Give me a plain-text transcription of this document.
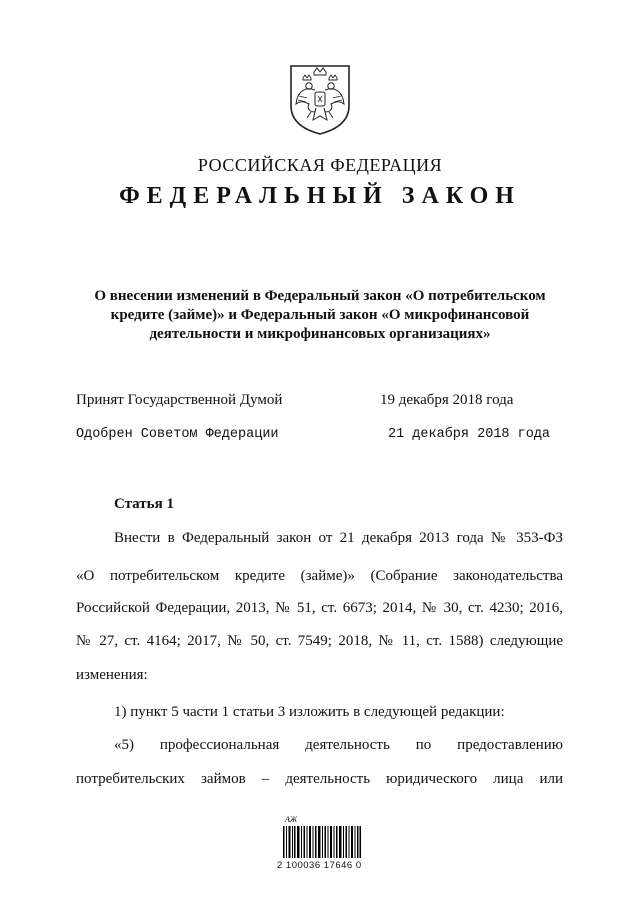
РОССИЙСКАЯ ФЕДЕРАЦИЯ
ФЕДЕРАЛЬНЫЙ ЗАКОН
О внесении изменений в Федеральный закон «О потребительском
кредите (займе)» и Федеральный закон «О микрофинансовой
деятельности и микрофинансовых организациях»
Принят Государственной Думой	19 декабря 2018 года
Одобрен Советом Федерации	21 декабря 2018 года
Статья 1
Внести в Федеральный закон от 21 декабря 2013 года № 353-ФЗ
«О потребительском кредите (займе)» (Собрание законодательства
Российской Федерации, 2013, № 51, ст. 6673; 2014, № 30, ст. 4230; 2016,
№ 27, ст. 4164; 2017, № 50, ст. 7549; 2018, № 11, ст. 1588) следующие
изменения:
1) пункт 5 части 1 статьи 3 изложить в следующей редакции:
«5) профессиональная деятельность по предоставлению
потребительских займов – деятельность юридического лица или
АЖ
2 100036 17646 0
